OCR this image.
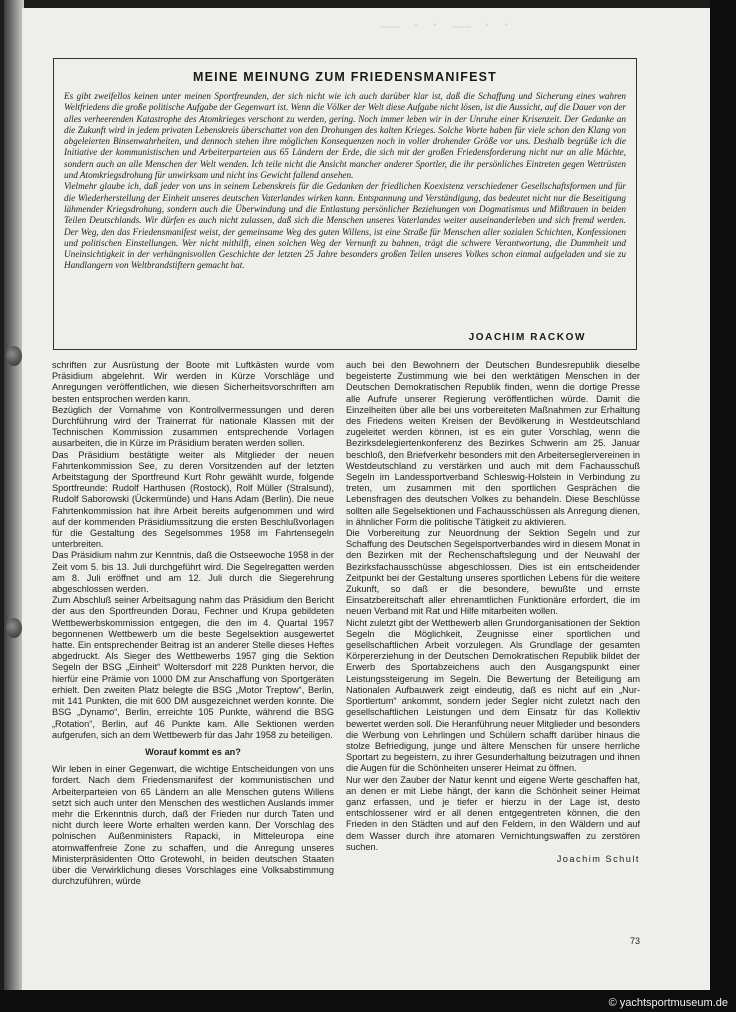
— · · — · ·
MEINE MEINUNG ZUM FRIEDENSMANIFEST

Es gibt zweifellos keinen unter meinen Sportfreunden, der sich nicht wie ich auch darüber klar ist, daß die Schaffung und Sicherung eines wahren Weltfriedens die große politische Aufgabe der Gegenwart ist. Wenn die Völker der Welt diese Aufgabe nicht lösen, ist die Aussicht, auf die Dauer von der alles verheerenden Katastrophe des Atomkrieges verschont zu werden, gering. Noch immer leben wir in der Unruhe einer Krisenzeit. Der Gedanke an die Zukunft wird in jedem privaten Lebenskreis überschattet von den Drohungen des kalten Krieges. Solche Worte haben für viele schon den Klang von abgeleierten Binsenwahrheiten, und dennoch stehen ihre möglichen Konsequenzen noch in voller drohender Größe vor uns. Deshalb begrüße ich die Initiative der kommunistischen und Arbeiterparteien aus 65 Ländern der Erde, die sich mit der großen Friedensforderung nicht nur an alle Mächte, sondern auch an alle Menschen der Welt wenden. Ich teile nicht die Ansicht mancher anderer Sportler, die ihr persönliches Eintreten gegen Wettrüsten und Atomkriegsdrohung für unwirksam und nicht ins Gewicht fallend ansehen.

Vielmehr glaube ich, daß jeder von uns in seinem Lebenskreis für die Gedanken der friedlichen Koexistenz verschiedener Gesellschaftsformen und für die Wiederherstellung der Einheit unseres deutschen Vaterlandes wirken kann. Entspannung und Verständigung, das bedeutet nicht nur die Beseitigung lähmender Kriegsdrohung, sondern auch die Überwindung und die Entlastung persönlicher Beziehungen von Dogmatismus und Mißtrauen in beiden Teilen Deutschlands. Wir dürfen es auch nicht zulassen, daß sich die Menschen unseres Vaterlandes weiter auseinanderleben und sich fremd werden. Der Weg, den das Friedensmanifest weist, der gemeinsame Weg des guten Willens, ist eine Straße für Menschen aller sozialen Schichten, Konfessionen und politischen Einstellungen. Wer nicht mithilft, einen solchen Weg der Vernunft zu bahnen, trägt die schwere Verantwortung, die Dummheit und Uneinsichtigkeit in der verhängnisvollen Geschichte der letzten 25 Jahre besonders großen Teilen unseres Volkes schon einmal aufgeladen und sie zu Handlangern von Weltbrandstiftern gemacht hat.

JOACHIM RACKOW

schriften zur Ausrüstung der Boote mit Luftkästen wurde vom Präsidium abgelehnt. Wir werden in Kürze Vorschläge und Anregungen veröffentlichen, wie diesen Sicherheitsvorschriften am besten entsprochen werden kann.

Bezüglich der Vornahme von Kontrollvermessungen und deren Durchführung wird der Trainerrat für nationale Klassen mit der Technischen Kommission zusammen entsprechende Vorlagen ausarbeiten, die in Kürze im Präsidium beraten werden sollen.

Das Präsidium bestätigte weiter als Mitglieder der neuen Fahrtenkommission See, zu deren Vorsitzenden auf der letzten Arbeitstagung der Sportfreund Kurt Rohr gewählt wurde, folgende Sportfreunde: Rudolf Harthusen (Rostock), Rolf Müller (Stralsund), Rudolf Saborowski (Ückermünde) und Hans Adam (Berlin). Die neue Fahrtenkommission hat ihre Arbeit bereits aufgenommen und wird auf der kommenden Präsidiumssitzung die ersten Beschlußvorlagen für die Gestaltung des Segelsommes 1958 im Fahrtensegeln unterbreiten.

Das Präsidium nahm zur Kenntnis, daß die Ostseewoche 1958 in der Zeit vom 5. bis 13. Juli durchgeführt wird. Die Segelregatten werden am 8. Juli eröffnet und am 12. Juli durch die Siegerehrung abgeschlossen werden.

Zum Abschluß seiner Arbeitsagung nahm das Präsidium den Bericht der aus den Sportfreunden Dorau, Fechner und Krupa gebildeten Wettbewerbskommission entgegen, die den im 4. Quartal 1957 begonnenen Wettbewerb um die beste Segelsektion ausgewertet hatte. Ein entsprechender Beitrag ist an anderer Stelle dieses Heftes abgedruckt. Als Sieger des Wettbewerbs 1957 ging die Sektion Segeln der BSG „Einheit“ Woltersdorf mit 228 Punkten hervor, die hierfür eine Prämie von 1000 DM zur Anschaffung von Sportgeräten erhielt. Den zweiten Platz belegte die BSG „Motor Treptow“, Berlin, mit 141 Punkten, die mit 600 DM ausgezeichnet werden konnte. Die BSG „Dynamo“, Berlin, erreichte 105 Punkte, während die BSG „Rotation“, Berlin, auf 46 Punkte kam. Alle Sektionen werden aufgerufen, sich an dem Wettbewerb für das Jahr 1958 zu beteiligen.

Worauf kommt es an?

Wir leben in einer Gegenwart, die wichtige Entscheidungen von uns fordert. Nach dem Friedensmanifest der kommunistischen und Arbeiterparteien von 65 Ländern an alle Menschen gutens Willens setzt sich auch unter den Menschen des westlichen Auslands immer mehr die Erkenntnis durch, daß der Frieden nur durch Taten und nicht durch leere Worte erhalten werden kann. Der Vorschlag des polnischen Außenministers Rapacki, in Mitteleuropa eine atomwaffenfreie Zone zu schaffen, und die Anregung unseres Ministerpräsidenten Otto Grotewohl, in beiden deutschen Staaten über die Verwirklichung dieses Vorschlages eine Volksabstimmung durchzuführen, würde

auch bei den Bewohnern der Deutschen Bundesrepublik dieselbe begeisterte Zustimmung wie bei den werktätigen Menschen in der Deutschen Demokratischen Republik finden, wenn die dortige Presse alle Aufrufe unserer Regierung veröffentlichen würde. Damit die Einzelheiten über alle bei uns vorbereiteten Maßnahmen zur Erhaltung des Friedens weiten Kreisen der Bevölkerung in Westdeutschland zugeleitet werden können, ist es ein guter Vorschlag, wenn die Bezirksdelegiertenkonferenz des Bezirkes Schwerin am 25. Januar beschloß, den Briefverkehr besonders mit den Arbeiterseglervereinen in Westdeutschland zu verstärken und auch mit dem Fachausschuß Segeln im Landessportverband Schleswig-Holstein in Verbindung zu treten, um zusammen mit den sportlichen Gesprächen die Lebensfragen des deutschen Volkes zu behandeln. Diese Beschlüsse sollten alle Segelsektionen und Fachausschüssen als Anregung dienen, in ähnlicher Form die politische Tätigkeit zu aktivieren.

Die Vorbereitung zur Neuordnung der Sektion Segeln und zur Schaffung des Deutschen Segelsportverbandes wird in diesem Monat in den Bezirken mit der Rechenschaftslegung und der Neuwahl der Bezirksfachausschüsse abgeschlossen. Dies ist ein entscheidender Zeitpunkt bei der Gestaltung unseres sportlichen Lebens für die weitere Zukunft, so daß er die besondere, bewußte und ernste Einsatzbereitschaft aller ehrenamtlichen Funktionäre erfordert, die im neuen Verband mit Rat und Hilfe mitarbeiten wollen.

Nicht zuletzt gibt der Wettbewerb allen Grundorganisationen der Sektion Segeln die Möglichkeit, Zeugnisse einer sportlichen und gesellschaftlichen Arbeit vorzulegen. Als Grundlage der gesamten Körpererziehung in der Deutschen Demokratischen Republik bildet der Erwerb des Sportabzeichens auch den Ausgangspunkt einer Leistungssteigerung im Segeln. Die Bewertung der Beteiligung am Nationalen Aufbauwerk zeigt eindeutig, daß es nicht auf ein „Nur-Sportlertum“ ankommt, sondern jeder Segler nicht zuletzt nach den gesellschaftlichen Leistungen und dem Einsatz für das Kollektiv bewertet werden soll. Die Heranführung neuer Mitglieder und besonders die Werbung von Lehrlingen und Schülern schafft darüber hinaus die stolze Befriedigung, junge und ältere Menschen für unsere herrliche Sportart zu begeistern, zu ihrer Gesunderhaltung beizutragen und ihnen die Augen für die Schönheiten unserer Heimat zu öffnen.

Nur wer den Zauber der Natur kennt und eigene Werte geschaffen hat, an denen er mit Liebe hängt, der kann die Schönheit seiner Heimat ganz erfassen, und je tiefer er hierzu in der Lage ist, desto entschlossener wird er all denen entgegentreten können, die den Frieden in den Städten und auf den Feldern, in den Wäldern und auf dem Wasser durch ihre atomaren Vernichtungswaffen zu zerstören suchen.

Joachim Schult

73
© yachtsportmuseum.de
